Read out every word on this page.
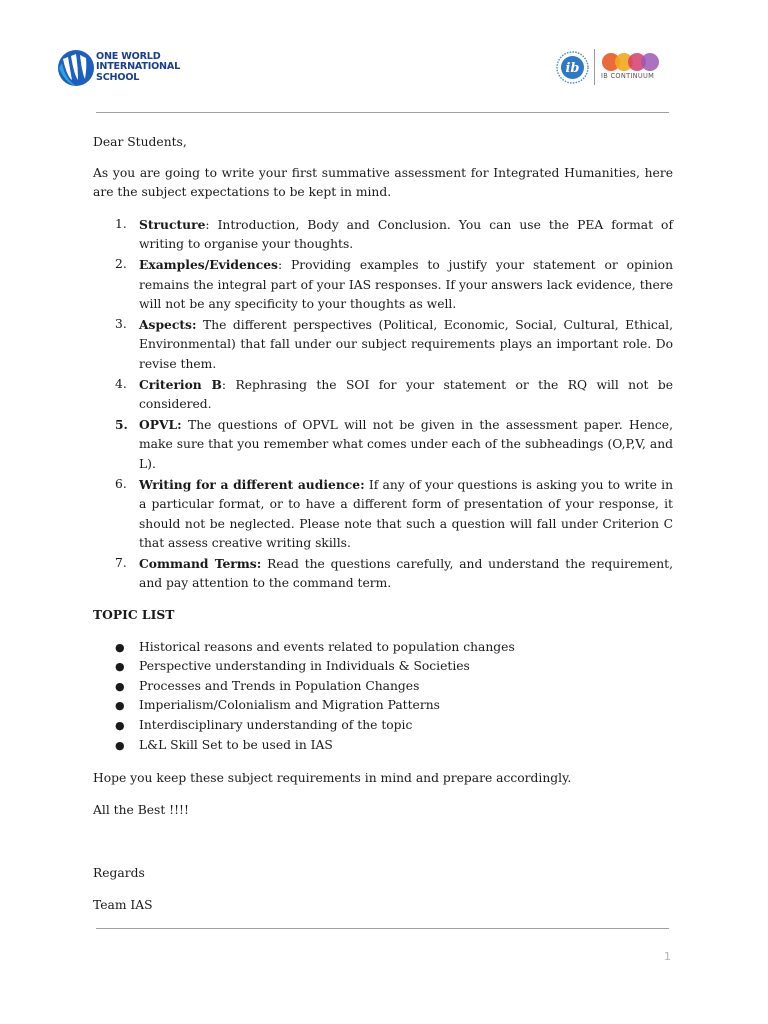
ONE WORLD
INTERNATIONAL
SCHOOL
ib	IB CONTINUUM

Dear Students,

As you are going to write your first summative assessment for Integrated Humanities, here are the subject expectations to be kept in mind.

1. Structure: Introduction, Body and Conclusion. You can use the PEA format of writing to organise your thoughts.
2. Examples/Evidences: Providing examples to justify your statement or opinion remains the integral part of your IAS responses. If your answers lack evidence, there will not be any specificity to your thoughts as well.
3. Aspects: The different perspectives (Political, Economic, Social, Cultural, Ethical, Environmental) that fall under our subject requirements plays an important role. Do revise them.
4. Criterion B: Rephrasing the SOI for your statement or the RQ will not be considered.
5. OPVL: The questions of OPVL will not be given in the assessment paper. Hence, make sure that you remember what comes under each of the subheadings (O,P,V, and L).
6. Writing for a different audience: If any of your questions is asking you to write in a particular format, or to have a different form of presentation of your response, it should not be neglected. Please note that such a question will fall under Criterion C that assess creative writing skills.
7. Command Terms: Read the questions carefully, and understand the requirement, and pay attention to the command term.

TOPIC LIST

● Historical reasons and events related to population changes
● Perspective understanding in Individuals & Societies
● Processes and Trends in Population Changes
● Imperialism/Colonialism and Migration Patterns
● Interdisciplinary understanding of the topic
● L&L Skill Set to be used in IAS

Hope you keep these subject requirements in mind and prepare accordingly.

All the Best !!!!

Regards

Team IAS

1
